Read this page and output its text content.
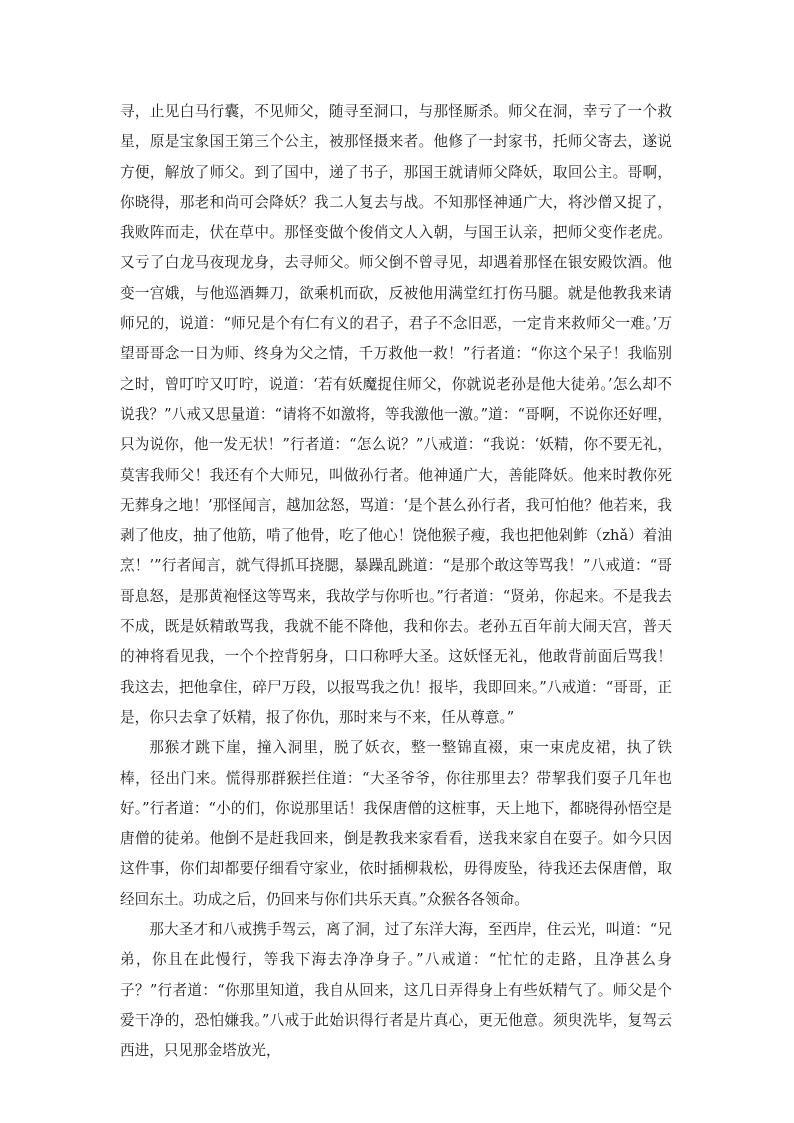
寻，止见白马行囊，不见师父，随寻至洞口，与那怪厮杀。师父在洞，幸亏了一个救星，原是宝象国王第三个公主，被那怪摄来者。他修了一封家书，托师父寄去，遂说方便，解放了师父。到了国中，递了书子，那国王就请师父降妖，取回公主。哥啊，你晓得，那老和尚可会降妖？我二人复去与战。不知那怪神通广大，将沙僧又捉了，我败阵而走，伏在草中。那怪变做个俊俏文人入朝，与国王认亲，把师父变作老虎。又亏了白龙马夜现龙身，去寻师父。师父倒不曾寻见，却遇着那怪在银安殿饮酒。他变一宫娥，与他巡酒舞刀，欲乘机而砍，反被他用满堂红打伤马腿。就是他教我来请师兄的，说道：“师兄是个有仁有义的君子，君子不念旧恶，一定肯来救师父一难。’万望哥哥念一日为师、终身为父之情，千万救他一救！”行者道：“你这个呆子！我临别之时，曾叮咛又叮咛，说道：‘若有妖魔捉住师父，你就说老孙是他大徒弟。’怎么却不说我？”八戒又思量道：“请将不如激将，等我激他一激。”道：“哥啊，不说你还好哩，只为说你，他一发无状！”行者道：“怎么说？”八戒道：“我说：‘妖精，你不要无礼，莫害我师父！我还有个大师兄，叫做孙行者。他神通广大，善能降妖。他来时教你死无葬身之地！’那怪闻言，越加忿怒，骂道：‘是个甚么孙行者，我可怕他？他若来，我剥了他皮，抽了他筋，啃了他骨，吃了他心！饶他猴子瘦，我也把他剁鲊（zhǎ）着油烹！’”行者闻言，就气得抓耳挠腮，暴躁乱跳道：“是那个敢这等骂我！”八戒道：“哥哥息怒，是那黄袍怪这等骂来，我故学与你听也。”行者道：“贤弟，你起来。不是我去不成，既是妖精敢骂我，我就不能不降他，我和你去。老孙五百年前大闹天宫，普天的神将看见我，一个个控背躬身，口口称呼大圣。这妖怪无礼，他敢背前面后骂我！我这去，把他拿住，碎尸万段，以报骂我之仇！报毕，我即回来。”八戒道：“哥哥，正是，你只去拿了妖精，报了你仇，那时来与不来，任从尊意。”

那猴才跳下崖，撞入洞里，脱了妖衣，整一整锦直裰，束一束虎皮裙，执了铁棒，径出门来。慌得那群猴拦住道：“大圣爷爷，你往那里去？带挈我们耍子几年也好。”行者道：“小的们，你说那里话！我保唐僧的这桩事，天上地下，都晓得孙悟空是唐僧的徒弟。他倒不是赶我回来，倒是教我来家看看，送我来家自在耍子。如今只因这件事，你们却都要仔细看守家业，依时插柳栽松，毋得废坠，待我还去保唐僧，取经回东土。功成之后，仍回来与你们共乐天真。”众猴各各领命。

那大圣才和八戒携手驾云，离了洞，过了东洋大海，至西岸，住云光，叫道：“兄弟，你且在此慢行，等我下海去净净身子。”八戒道：“忙忙的走路，且净甚么身子？”行者道：“你那里知道，我自从回来，这几日弄得身上有些妖精气了。师父是个爱干净的，恐怕嫌我。”八戒于此始识得行者是片真心，更无他意。须臾洗毕，复驾云西进，只见那金塔放光，
